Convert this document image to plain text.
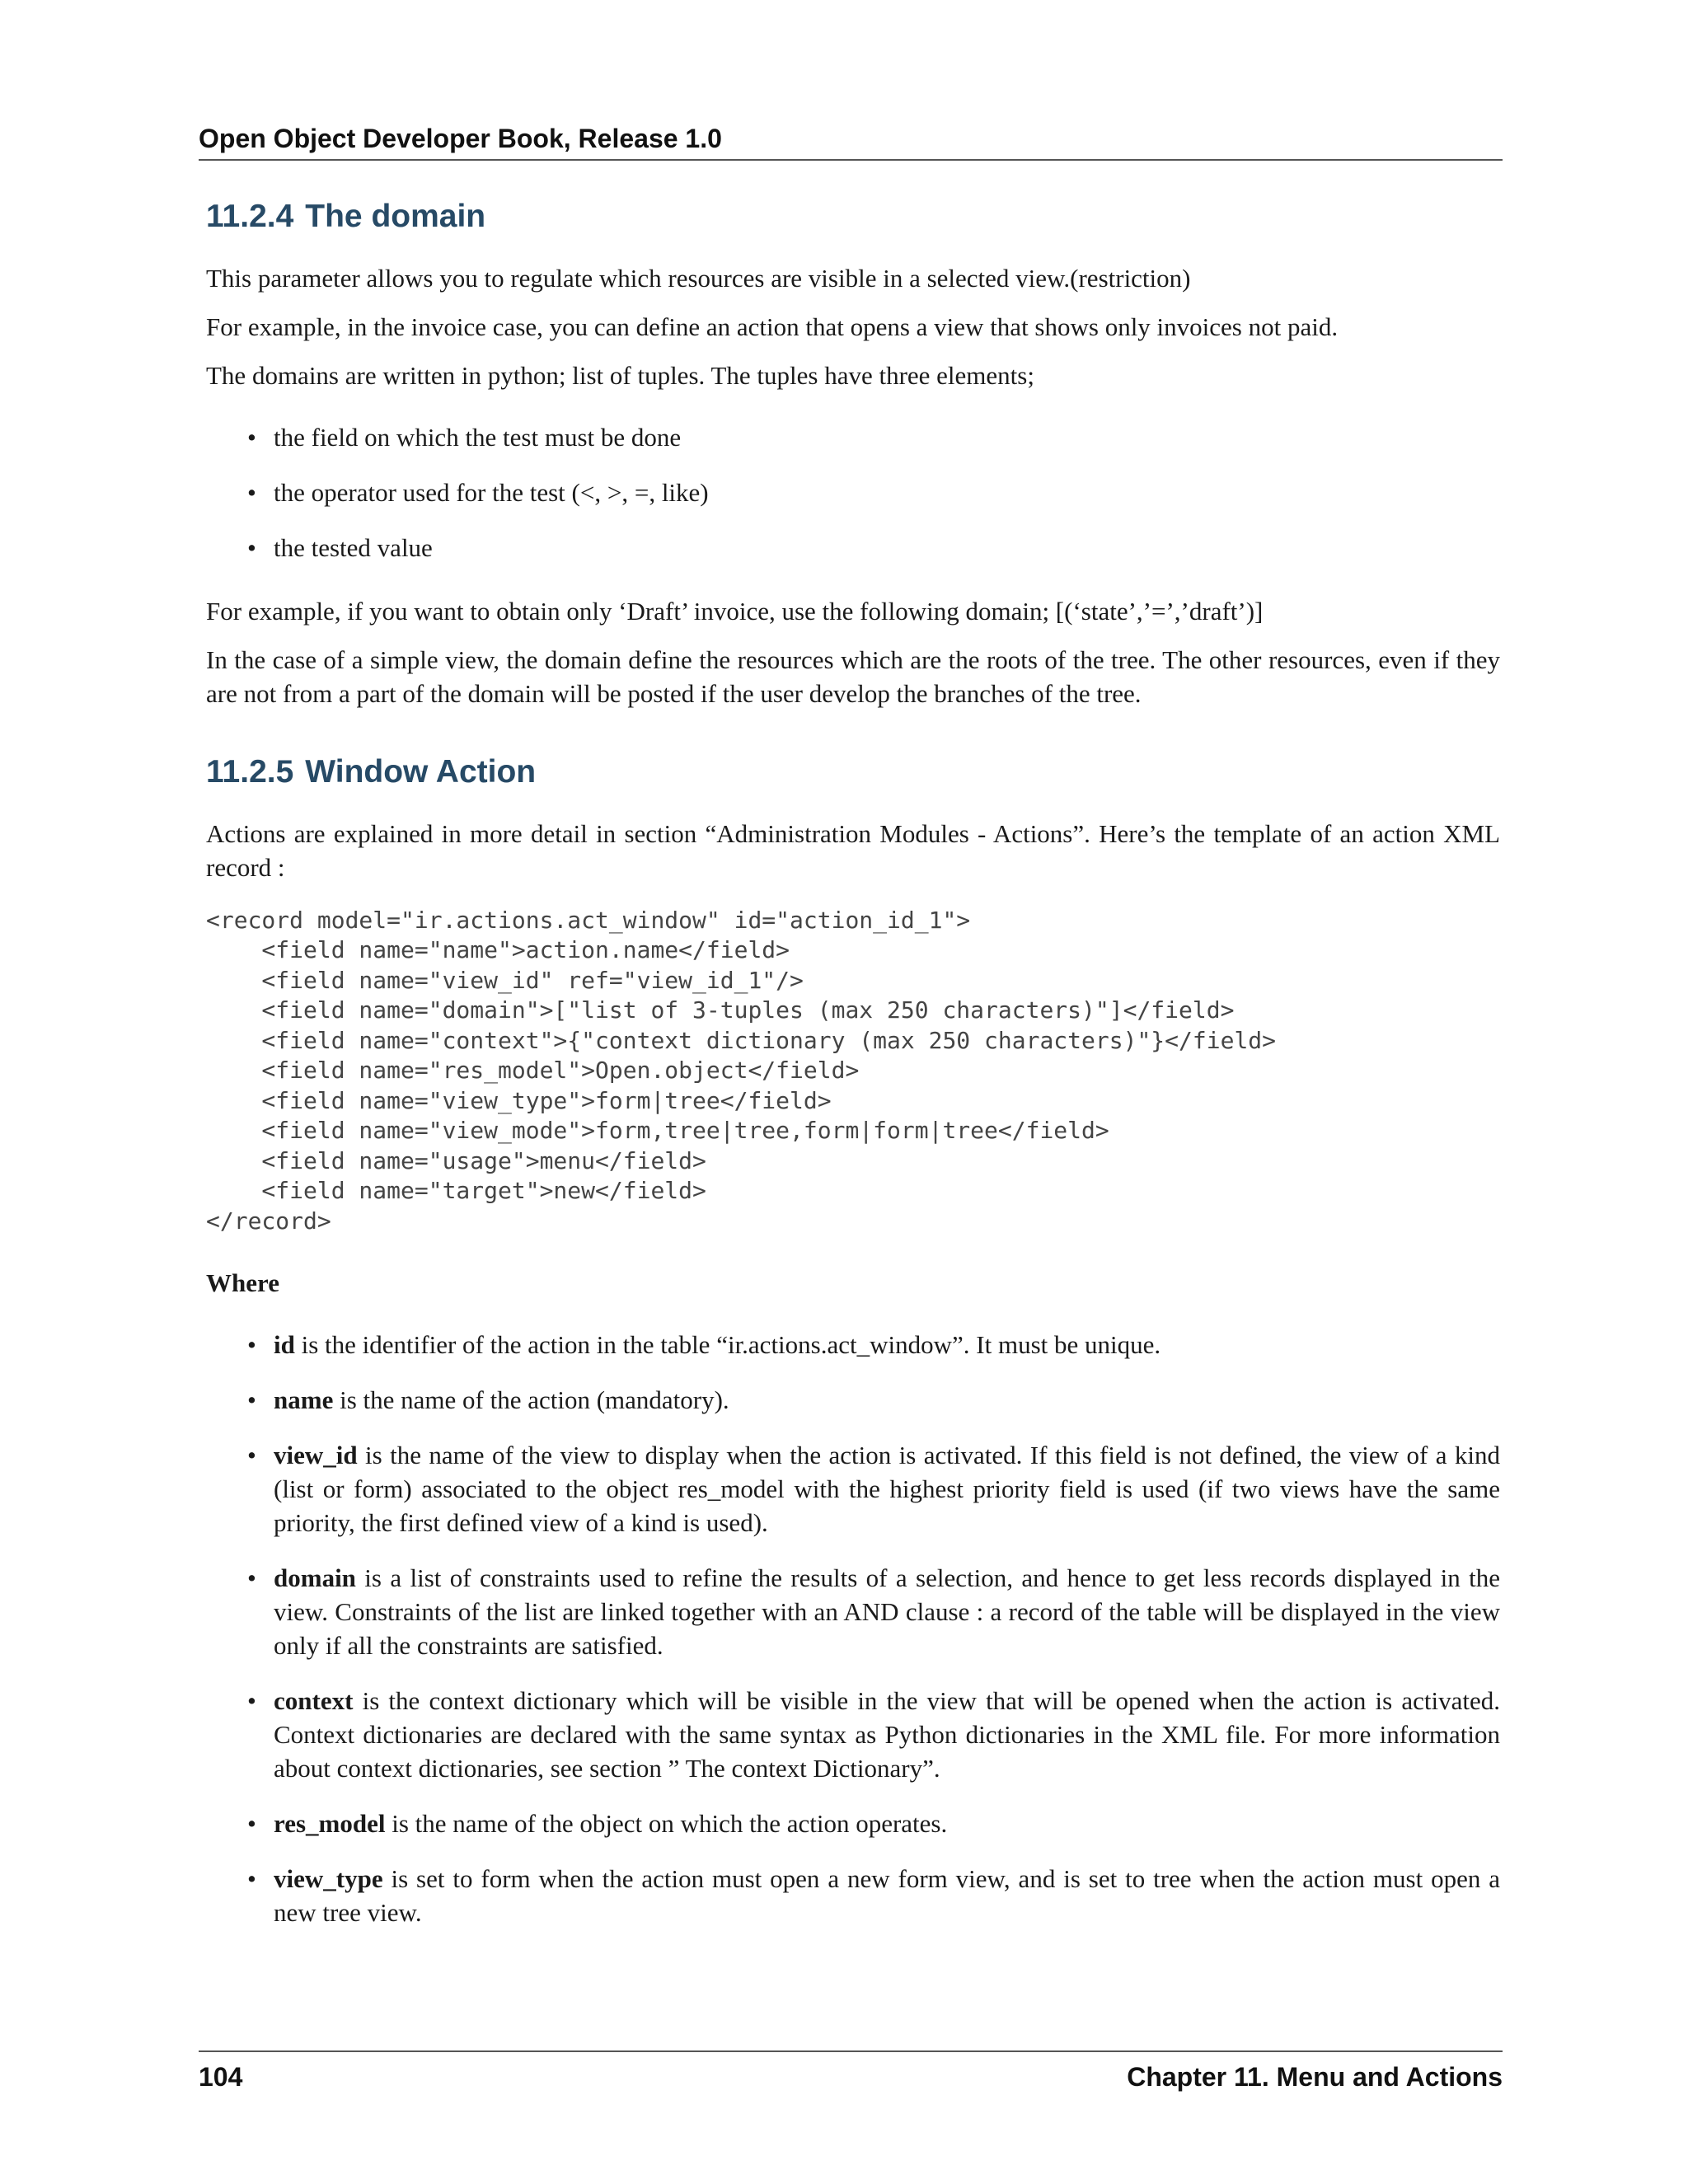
Open Object Developer Book, Release 1.0
11.2.4 The domain

This parameter allows you to regulate which resources are visible in a selected view.(restriction)

For example, in the invoice case, you can define an action that opens a view that shows only invoices not paid.

The domains are written in python; list of tuples. The tuples have three elements;

• the field on which the test must be done
• the operator used for the test (<, >, =, like)
• the tested value

For example, if you want to obtain only ‘Draft’ invoice, use the following domain; [(‘state’,’=’,’draft’)]

In the case of a simple view, the domain define the resources which are the roots of the tree. The other resources, even if they are not from a part of the domain will be posted if the user develop the branches of the tree.

11.2.5 Window Action

Actions are explained in more detail in section “Administration Modules - Actions”. Here’s the template of an action XML record :

<record model="ir.actions.act_window" id="action_id_1">
<field name="name">action.name</field>
<field name="view_id" ref="view_id_1"/>
<field name="domain">["list of 3-tuples (max 250 characters)"]</field>
<field name="context">{"context dictionary (max 250 characters)"}</field>
<field name="res_model">Open.object</field>
<field name="view_type">form|tree</field>
<field name="view_mode">form,tree|tree,form|form|tree</field>
<field name="usage">menu</field>
<field name="target">new</field>
</record>

Where

• id is the identifier of the action in the table “ir.actions.act_window”. It must be unique.
• name is the name of the action (mandatory).
• view_id is the name of the view to display when the action is activated. If this field is not defined, the view of a kind (list or form) associated to the object res_model with the highest priority field is used (if two views have the same priority, the first defined view of a kind is used).
• domain is a list of constraints used to refine the results of a selection, and hence to get less records displayed in the view. Constraints of the list are linked together with an AND clause : a record of the table will be displayed in the view only if all the constraints are satisfied.
• context is the context dictionary which will be visible in the view that will be opened when the action is activated. Context dictionaries are declared with the same syntax as Python dictionaries in the XML file. For more information about context dictionaries, see section ” The context Dictionary”.
• res_model is the name of the object on which the action operates.
• view_type is set to form when the action must open a new form view, and is set to tree when the action must open a new tree view.
104	Chapter 11. Menu and Actions
